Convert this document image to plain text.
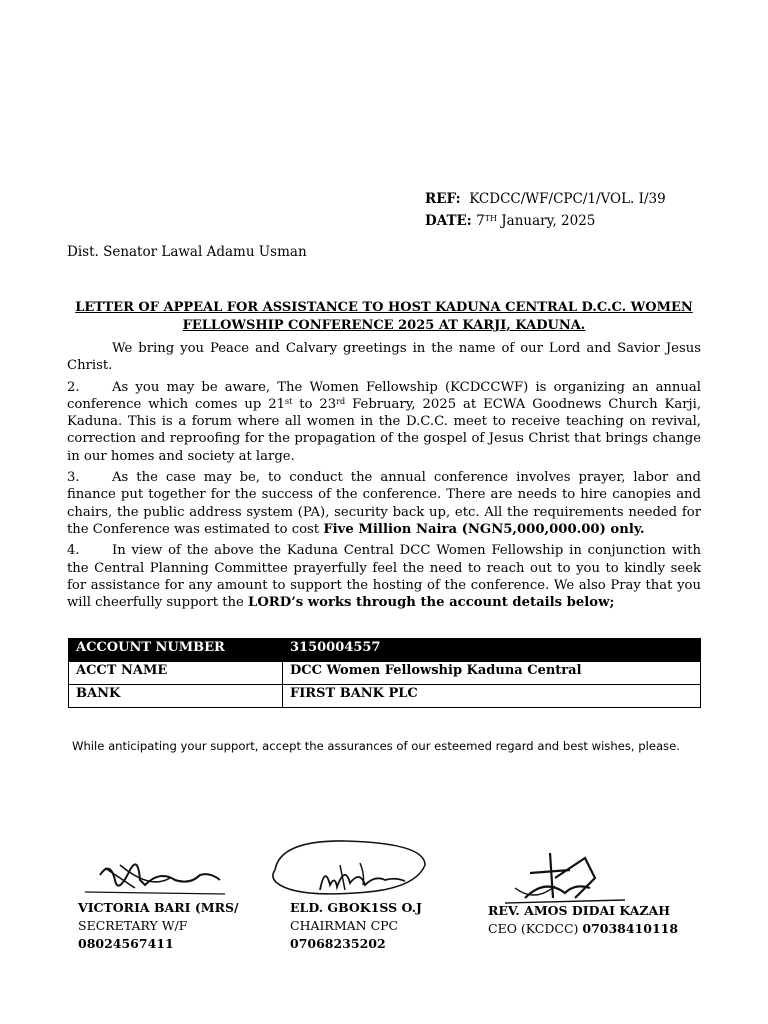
REF: KCDCC/WF/CPC/1/VOL. I/39
DATE: 7TH January, 2025
Dist. Senator Lawal Adamu Usman
LETTER OF APPEAL FOR ASSISTANCE TO HOST KADUNA CENTRAL D.C.C. WOMEN FELLOWSHIP CONFERENCE 2025 AT KARJI, KADUNA.

We bring you Peace and Calvary greetings in the name of our Lord and Savior Jesus Christ.

2. As you may be aware, The Women Fellowship (KCDCCWF) is organizing an annual conference which comes up 21st to 23rd February, 2025 at ECWA Goodnews Church Karji, Kaduna. This is a forum where all women in the D.C.C. meet to receive teaching on revival, correction and reproofing for the propagation of the gospel of Jesus Christ that brings change in our homes and society at large.

3. As the case may be, to conduct the annual conference involves prayer, labor and finance put together for the success of the conference. There are needs to hire canopies and chairs, the public address system (PA), security back up, etc. All the requirements needed for the Conference was estimated to cost Five Million Naira (NGN5,000,000.00) only.

4. In view of the above the Kaduna Central DCC Women Fellowship in conjunction with the Central Planning Committee prayerfully feel the need to reach out to you to kindly seek for assistance for any amount to support the hosting of the conference. We also Pray that you will cheerfully support the LORD’s works through the account details below;

ACCOUNT NUMBER	3150004557
ACCT NAME	DCC Women Fellowship Kaduna Central
BANK	FIRST BANK PLC
While anticipating your support, accept the assurances of our esteemed regard and best wishes, please.
VICTORIA BARI (MRS/
SECRETARY W/F
08024567411
ELD. GBOK1SS O.J
CHAIRMAN CPC
07068235202
REV. AMOS DIDAI KAZAH
CEO (KCDCC) 07038410118
